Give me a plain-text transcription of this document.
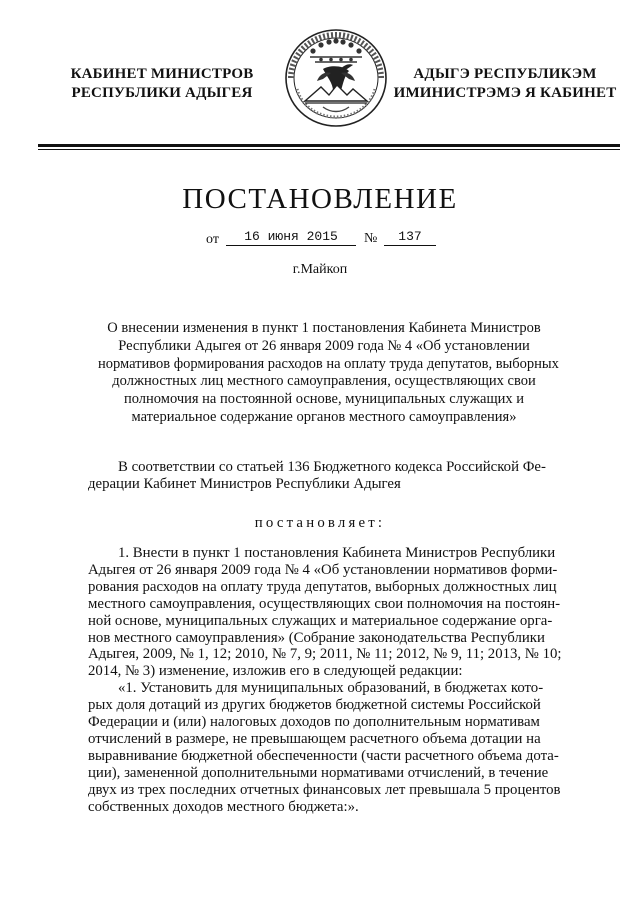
КАБИНЕТ МИНИСТРОВ
РЕСПУБЛИКИ АДЫГЕЯ
АДЫГЭ РЕСПУБЛИКЭМ
ИМИНИСТРЭМЭ Я КАБИНЕТ
ПОСТАНОВЛЕНИЕ
от	16 июня 2015	№	137
г.Майкоп
О внесении изменения в пункт 1 постановления Кабинета Министров
Республики Адыгея от 26 января 2009 года № 4 «Об установлении
нормативов формирования расходов на оплату труда депутатов, выборных
должностных лиц местного самоуправления, осуществляющих свои
полномочия на постоянной основе, муниципальных служащих и
материальное содержание органов местного самоуправления»
В соответствии со статьей 136 Бюджетного кодекса Российской Фе-
дерации Кабинет Министров Республики Адыгея
постановляет:
1. Внести в пункт 1 постановления Кабинета Министров Республики
Адыгея от 26 января 2009 года № 4 «Об установлении нормативов форми-
рования расходов на оплату труда депутатов, выборных должностных лиц
местного самоуправления, осуществляющих свои полномочия на постоян-
ной основе, муниципальных служащих и материальное содержание орга-
нов местного самоуправления» (Собрание законодательства Республики
Адыгея, 2009, № 1, 12; 2010, № 7, 9; 2011, № 11; 2012, № 9, 11; 2013, № 10;
2014, № 3) изменение, изложив его в следующей редакции:
«1. Установить для муниципальных образований, в бюджетах кото-
рых доля дотаций из других бюджетов бюджетной системы Российской
Федерации и (или) налоговых доходов по дополнительным нормативам
отчислений в размере, не превышающем расчетного объема дотации на
выравнивание бюджетной обеспеченности (части расчетного объема дота-
ции), замененной дополнительными нормативами отчислений, в течение
двух из трех последних отчетных финансовых лет превышала 5 процентов
собственных доходов местного бюджета:».
